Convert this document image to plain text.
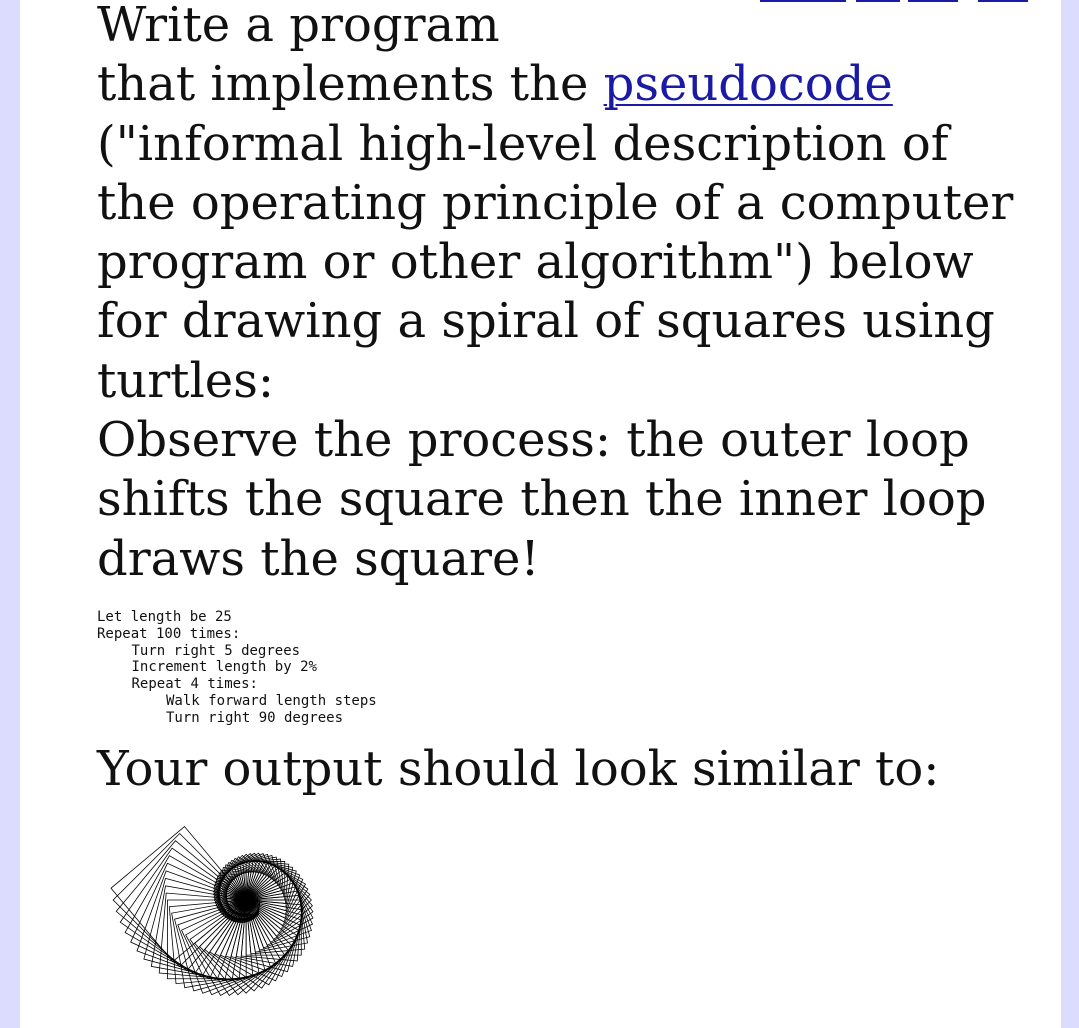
Write a program
that implements the pseudocode
("informal high-level description of the operating principle of a computer program or other algorithm") below for drawing a spiral of squares using turtles:
Observe the process: the outer loop shifts the square then the inner loop draws the square!

Let length be 25
Repeat 100 times:
Turn right 5 degrees
Increment length by 2%
Repeat 4 times:
Walk forward length steps
Turn right 90 degrees

Your output should look similar to:
